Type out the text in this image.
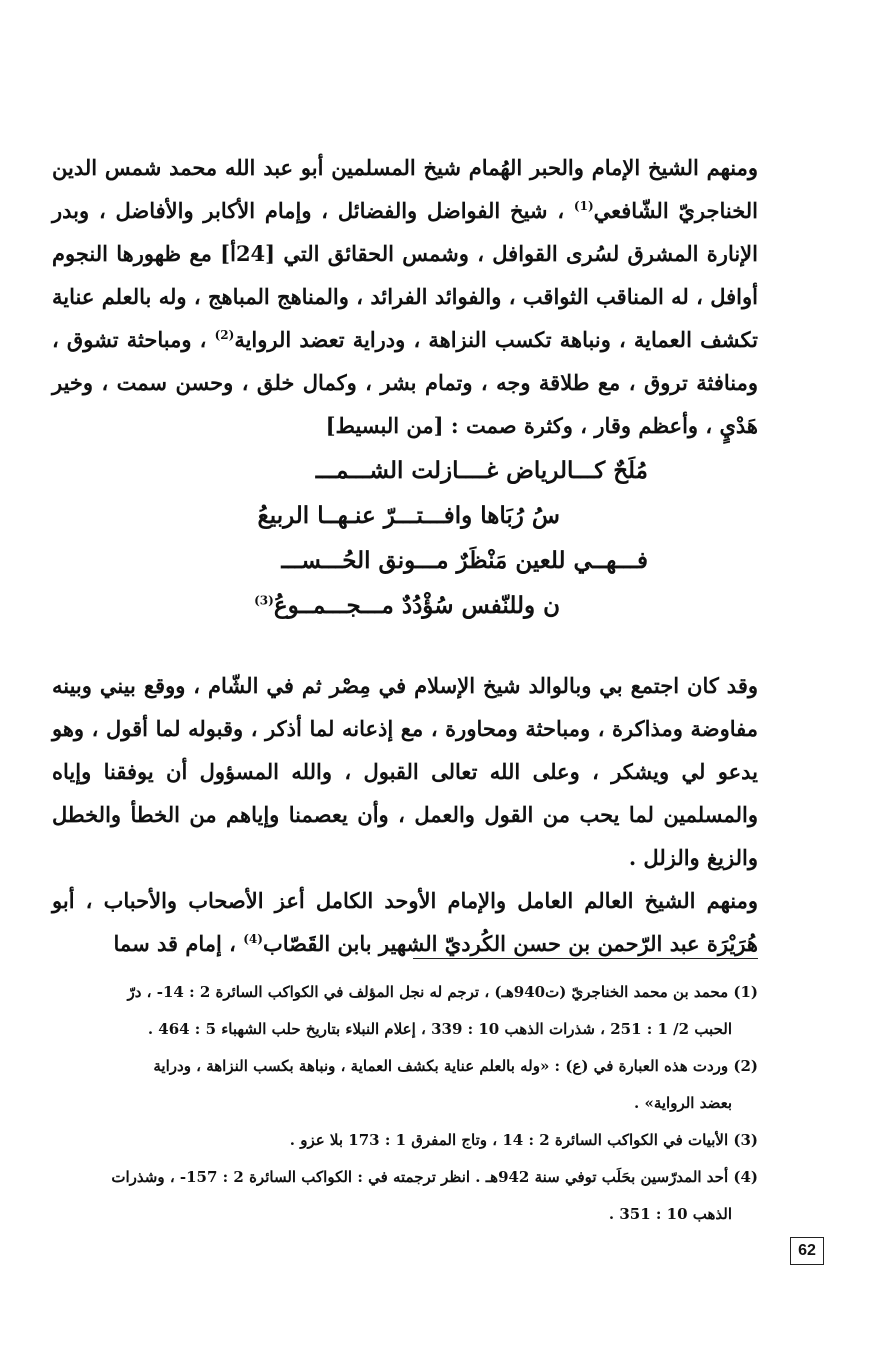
ومنهم الشيخ الإمام والحبر الهُمام شيخ المسلمين أبو عبد الله محمد شمس الدين الخناجريّ الشّافعي$^{(1)}$ ، شيخ الفواضل والفضائل ، وإمام الأكابر والأفاضل ، وبدر الإنارة المشرق لسُرى القوافل ، وشمس الحقائق التي [24أ] مع ظهورها النجوم أوافل ، له المناقب الثواقب ، والفوائد الفرائد ، والمناهج المباهج ، وله بالعلم عناية تكشف العماية ، ونباهة تكسب النزاهة ، ودراية تعضد الرواية$^{(2)}$ ، ومباحثة تشوق ، ومنافثة تروق ، مع طلاقة وجه ، وتمام بشر ، وكمال خلق ، وحسن سمت ، وخير هَدْيٍ ، وأعظم وقار ، وكثرة صمت : [من البسيط]

مُلَحٌ كـــالرياض غــــازلت الشـــمـــ
سُ رُبَاها وافـــتـــرّ عنـهــا الربيعُ
فـــهــي للعين مَنْظَرٌ مـــونق الحُـــســـ
ن وللنّفس سُؤْدُدٌ مـــجـــمــوعُ$^{(3)}$

وقد كان اجتمع بي وبالوالد شيخ الإسلام في مِصْر ثم في الشّام ، ووقع بيني وبينه مفاوضة ومذاكرة ، ومباحثة ومحاورة ، مع إذعانه لما أذكر ، وقبوله لما أقول ، وهو يدعو لي ويشكر ، وعلى الله تعالى القبول ، والله المسؤول أن يوفقنا وإياه والمسلمين لما يحب من القول والعمل ، وأن يعصمنا وإياهم من الخطأ والخطل والزيغ والزلل .

ومنهم الشيخ العالم العامل والإمام الأوحد الكامل أعز الأصحاب والأحباب ، أبو هُرَيْرَة عبد الرّحمن بن حسن الكُرديّ الشهير بابن القَصّاب$^{(4)}$ ، إمام قد سما

(1) محمد بن محمد الخناجريّ (ت940هـ) ، ترجم له نجل المؤلف في الكواكب السائرة 2 : 14- ، درّ

الحبب 2/ 1 : 251 ، شذرات الذهب 10 : 339 ، إعلام النبلاء بتاريخ حلب الشهباء 5 : 464 .

(2) وردت هذه العبارة في (ع) : «وله بالعلم عناية بكشف العماية ، ونباهة بكسب النزاهة ، ودراية

بعضد الرواية» .

(3) الأبيات في الكواكب السائرة 2 : 14 ، وتاج المفرق 1 : 173 بلا عزو .

(4) أحد المدرّسين بحَلَب توفي سنة 942هـ . انظر ترجمته في : الكواكب السائرة 2 : 157- ، وشذرات

الذهب 10 : 351 .

62
